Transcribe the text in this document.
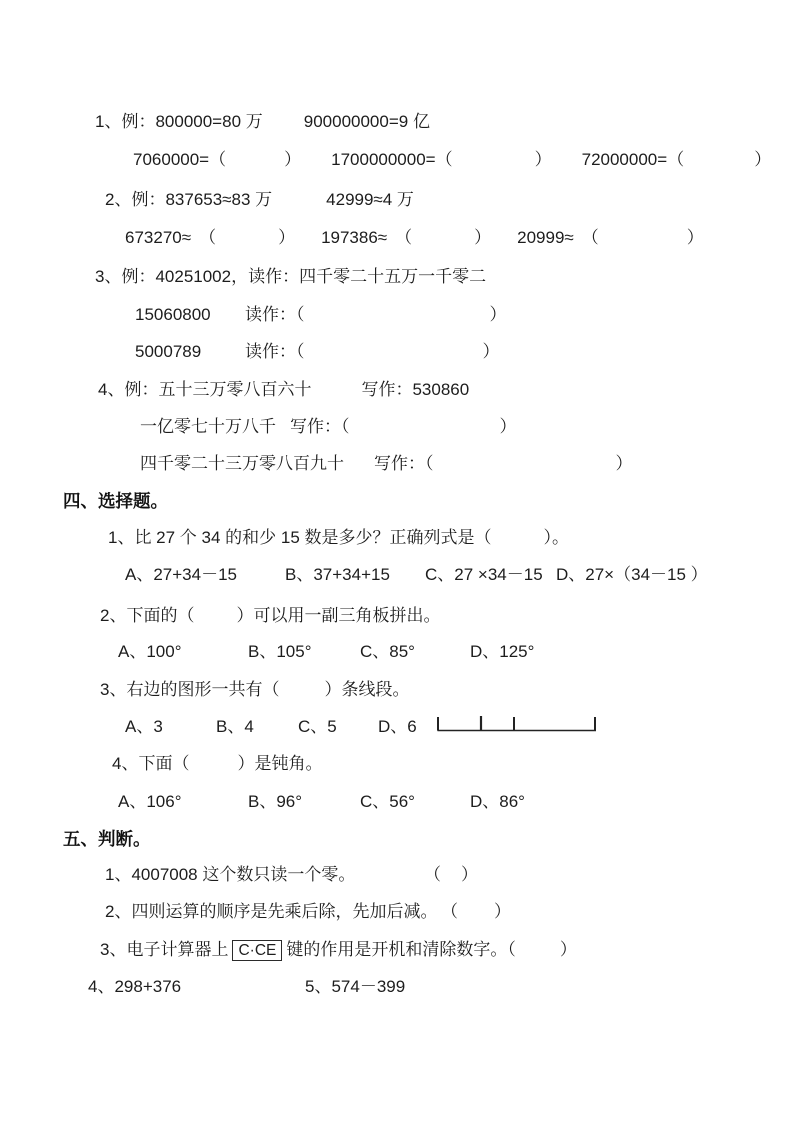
1、例：800000=80 万 900000000=9 亿
7060000=（	） 1700000000=（	） 72000000=（	）
2、例：837653≈83 万	42999≈4 万
673270≈ （	） 197386≈ （	） 20999≈ （	）
3、例：40251002，读作：四千零二十五万一千零二
15060800 读作：（	）
5000789	读作：（	）
4、例：五十三万零八百六十	写作：530860
一亿零七十万八千 写作：（	）
四千零二十三万零八百九十 写作：（	）
四、选择题。
1、比 27 个 34 的和少 15 数是多少？正确列式是（	）。
A、27+34－15	B、37+34+15 C、27 ×34－15 D、27×（34－15 ）
2、下面的（ ）可以用一副三角板拼出。
A、100°	B、105°	C、85°	D、125°
3、右边的图形一共有（	）条线段。
A、3	B、4	C、5 D、6
4、下面（	）是钝角。
A、106°	B、96°	C、56°	D、86°
五、判断。
1、4007008 这个数只读一个零。	（ ）
2、四则运算的顺序是先乘后除，先加后减。 （ ）
3、电子计算器上 C·CE 键的作用是开机和清除数字。（	）
4、298+376	5、574－399
